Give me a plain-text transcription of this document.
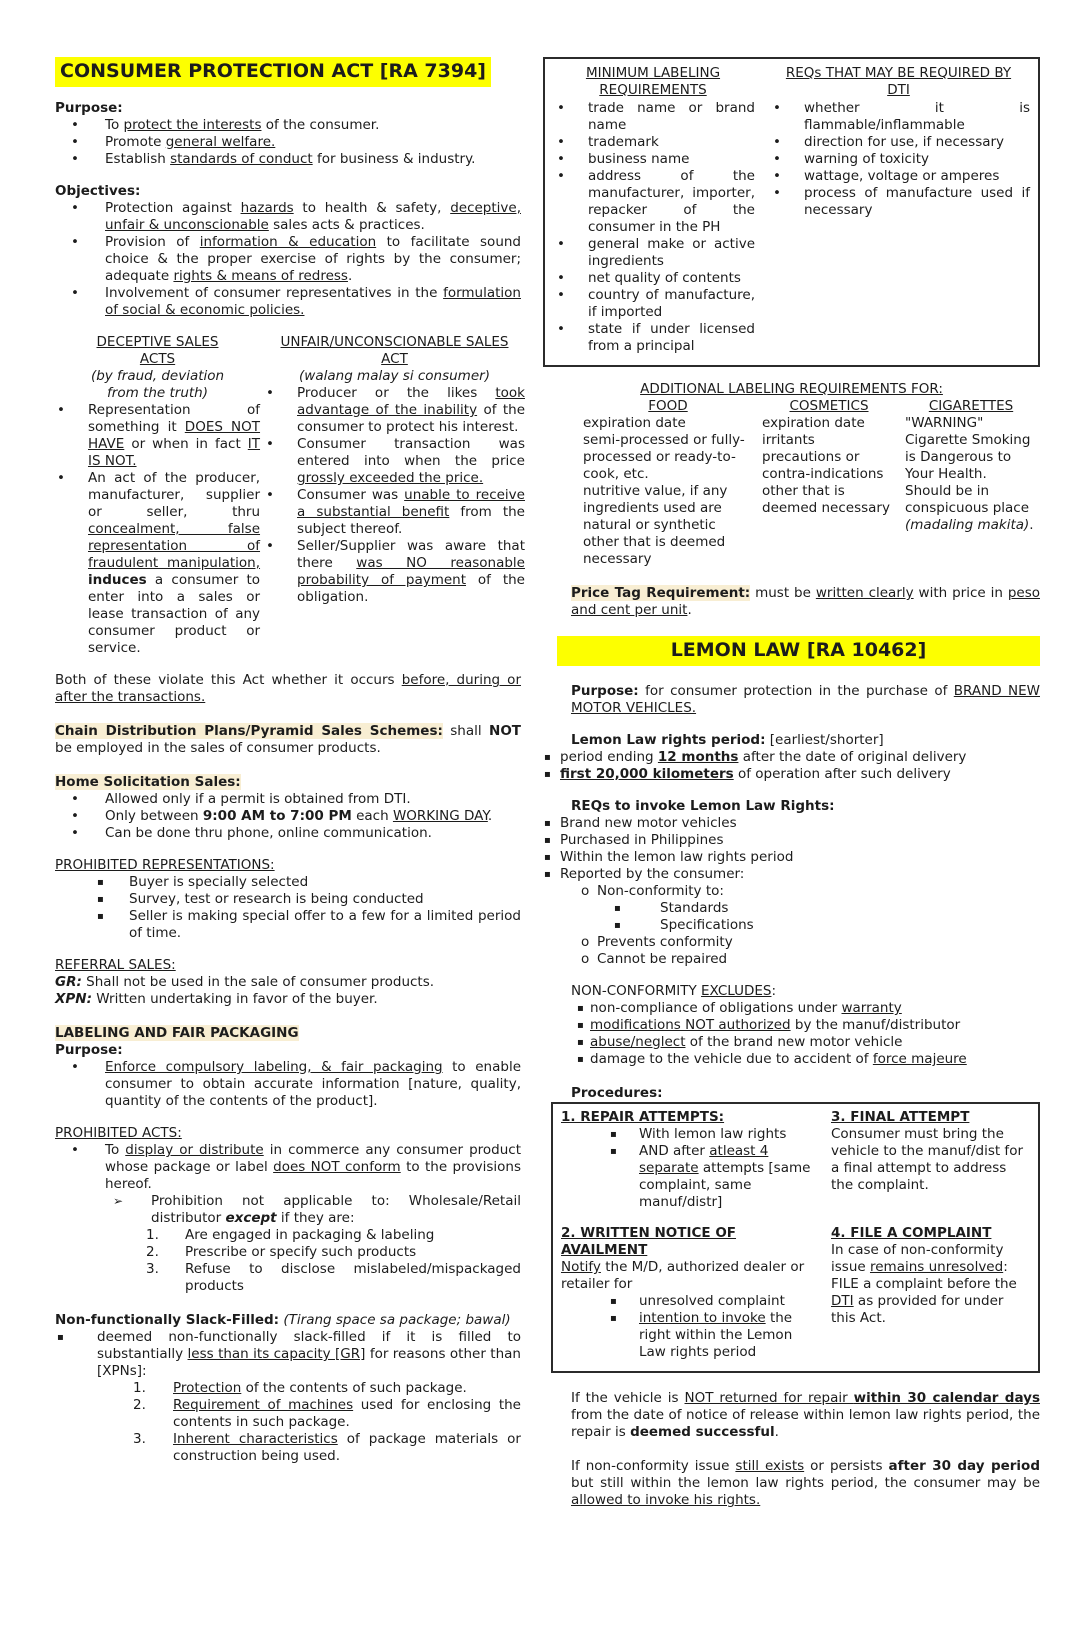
CONSUMER PROTECTION ACT [RA 7394]
Purpose:
• To protect the interests of the consumer.
• Promote general welfare.
• Establish standards of conduct for business & industry.
Objectives:
• Protection against hazards to health & safety, deceptive, unfair & unconscionable sales acts & practices.
• Provision of information & education to facilitate sound choice & the proper exercise of rights by the consumer; adequate rights & means of redress.
• Involvement of consumer representatives in the formulation of social & economic policies.
DECEPTIVE SALES ACTS
(by fraud, deviation from the truth)
• Representation of something it DOES NOT HAVE or when in fact IT IS NOT.
• An act of the producer, manufacturer, supplier or seller, thru concealment, false representation of fraudulent manipulation, induces a consumer to enter into a sales or lease transaction of any consumer product or service.
UNFAIR/UNCONSCIONABLE SALES ACT
(walang malay si consumer)
• Producer or the likes took advantage of the inability of the consumer to protect his interest.
• Consumer transaction was entered into when the price grossly exceeded the price.
• Consumer was unable to receive a substantial benefit from the subject thereof.
• Seller/Supplier was aware that there was NO reasonable probability of payment of the obligation.

Both of these violate this Act whether it occurs before, during or after the transactions.

Chain Distribution Plans/Pyramid Sales Schemes: shall NOT be employed in the sales of consumer products.

Home Solicitation Sales:
• Allowed only if a permit is obtained from DTI.
• Only between 9:00 AM to 7:00 PM each WORKING DAY.
• Can be done thru phone, online communication.
PROHIBITED REPRESENTATIONS:
▪ Buyer is specially selected
▪ Survey, test or research is being conducted
▪ Seller is making special offer to a few for a limited period of time.
REFERRAL SALES:
GR: Shall not be used in the sale of consumer products.
XPN: Written undertaking in favor of the buyer.
LABELING AND FAIR PACKAGING
Purpose:
• Enforce compulsory labeling, & fair packaging to enable consumer to obtain accurate information [nature, quality, quantity of the contents of the product].
PROHIBITED ACTS:
• To display or distribute in commerce any consumer product whose package or label does NOT conform to the provisions hereof.
➢ Prohibition not applicable to: Wholesale/Retail distributor except if they are:
Are engaged in packaging & labeling
Prescribe or specify such products
Refuse to disclose mislabeled/mispackaged products
Non-functionally Slack-Filled: (Tirang space sa package; bawal)
▪ deemed non-functionally slack-filled if it is filled to substantially less than its capacity [GR] for reasons other than [XPNs]:
Protection of the contents of such package.
Requirement of machines used for enclosing the contents in such package.
Inherent characteristics of package materials or construction being used.
MINIMUM LABELING REQUIREMENTS
• trade name or brand name
• trademark
• business name
• address of the manufacturer, importer, repacker of the consumer in the PH
• general make or active ingredients
• net quality of contents
• country of manufacture, if imported
• state if under licensed from a principal
REQs THAT MAY BE REQUIRED BY DTI
• whether it is flammable/inflammable
• direction for use, if necessary
• warning of toxicity
• wattage, voltage or amperes
• process of manufacture used if necessary
ADDITIONAL LABELING REQUIREMENTS FOR:
FOOD
expiration date
semi-processed or fully-processed or ready-to-cook, etc.
nutritive value, if any
ingredients used are natural or synthetic
other that is deemed necessary
COSMETICS
expiration date
irritants
precautions or contra-indications
other that is deemed necessary
CIGARETTES
"WARNING" Cigarette Smoking is Dangerous to Your Health. Should be in conspicuous place (madaling makita).

Price Tag Requirement: must be written clearly with price in peso and cent per unit.

LEMON LAW [RA 10462]

Purpose: for consumer protection in the purchase of BRAND NEW MOTOR VEHICLES.

Lemon Law rights period: [earliest/shorter]
▪ period ending 12 months after the date of original delivery
▪ first 20,000 kilometers of operation after such delivery
REQs to invoke Lemon Law Rights:
▪ Brand new motor vehicles
▪ Purchased in Philippines
▪ Within the lemon law rights period
▪ Reported by the consumer:
o Non-conformity to:
▪ Standards
▪ Specifications
o Prevents conformity
o Cannot be repaired
NON-CONFORMITY EXCLUDES:
▪ non-compliance of obligations under warranty
▪ modifications NOT authorized by the manuf/distributor
▪ abuse/neglect of the brand new motor vehicle
▪ damage to the vehicle due to accident of force majeure
Procedures:
1. REPAIR ATTEMPTS:
▪ With lemon law rights
▪ AND after atleast 4 separate attempts [same complaint, same manuf/distr]
3. FINAL ATTEMPT
Consumer must bring the vehicle to the manuf/dist for a final attempt to address the complaint.
2. WRITTEN NOTICE OF AVAILMENT
Notify the M/D, authorized dealer or retailer for
▪ unresolved complaint
▪ intention to invoke the right within the Lemon Law rights period
4. FILE A COMPLAINT
In case of non-conformity issue remains unresolved: FILE a complaint before the DTI as provided for under this Act.

If the vehicle is NOT returned for repair within 30 calendar days from the date of notice of release within lemon law rights period, the repair is deemed successful.

If non-conformity issue still exists or persists after 30 day period but still within the lemon law rights period, the consumer may be allowed to invoke his rights.
